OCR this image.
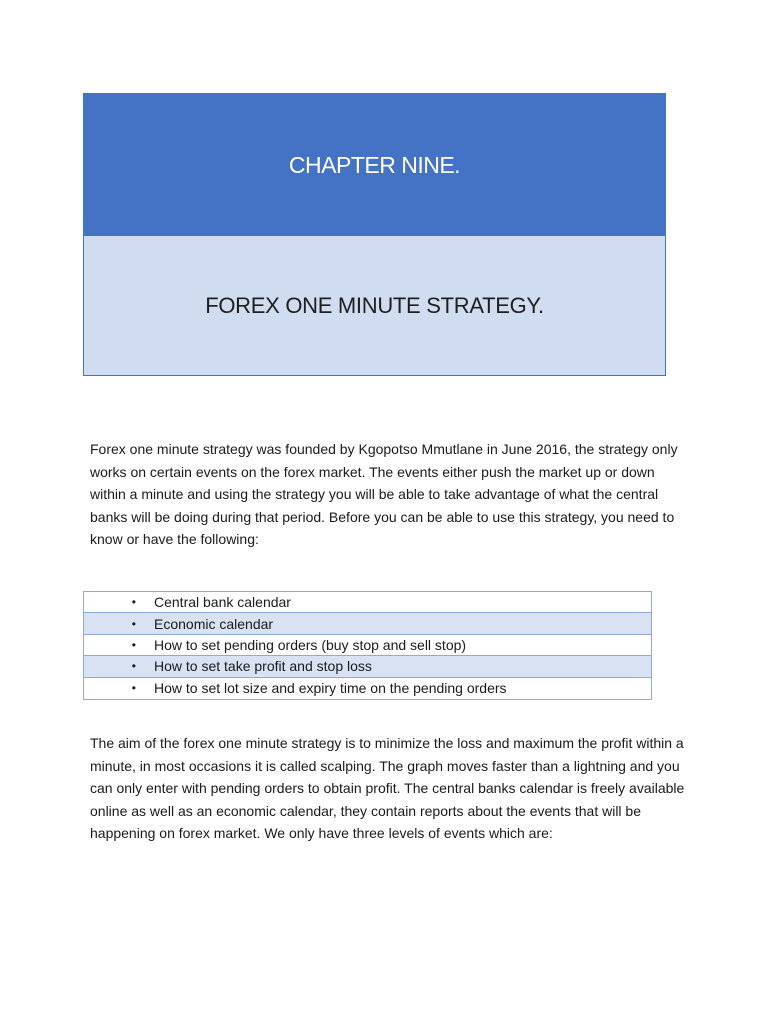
CHAPTER NINE.
FOREX ONE MINUTE STRATEGY.

Forex one minute strategy was founded by Kgopotso Mmutlane in June 2016, the strategy only works on certain events on the forex market. The events either push the market up or down within a minute and using the strategy you will be able to take advantage of what the central banks will be doing during that period. Before you can be able to use this strategy, you need to know or have the following:

• Central bank calendar
• Economic calendar
• How to set pending orders (buy stop and sell stop)
• How to set take profit and stop loss
• How to set lot size and expiry time on the pending orders

The aim of the forex one minute strategy is to minimize the loss and maximum the profit within a minute, in most occasions it is called scalping. The graph moves faster than a lightning and you can only enter with pending orders to obtain profit. The central banks calendar is freely available online as well as an economic calendar, they contain reports about the events that will be happening on forex market. We only have three levels of events which are:
